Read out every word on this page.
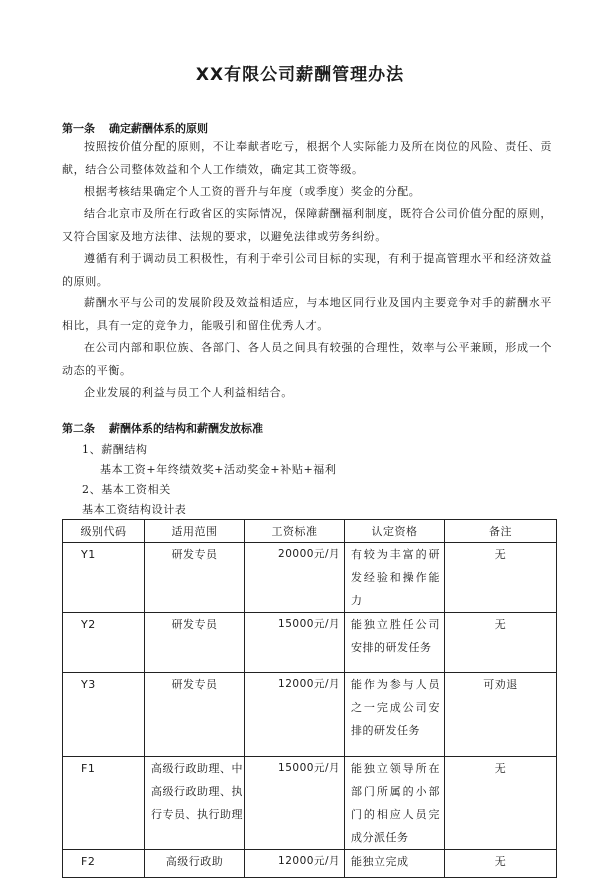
XX有限公司薪酬管理办法
第一条 确定薪酬体系的原则

按照按价值分配的原则，不让奉献者吃亏，根据个人实际能力及所在岗位的风险、责任、贡献，结合公司整体效益和个人工作绩效，确定其工资等级。

根据考核结果确定个人工资的晋升与年度（或季度）奖金的分配。

结合北京市及所在行政省区的实际情况，保障薪酬福利制度，既符合公司价值分配的原则，又符合国家及地方法律、法规的要求，以避免法律或劳务纠纷。

遵循有利于调动员工积极性，有利于牵引公司目标的实现，有利于提高管理水平和经济效益的原则。

薪酬水平与公司的发展阶段及效益相适应，与本地区同行业及国内主要竞争对手的薪酬水平相比，具有一定的竞争力，能吸引和留住优秀人才。

在公司内部和职位族、各部门、各人员之间具有较强的合理性，效率与公平兼顾，形成一个动态的平衡。

企业发展的利益与员工个人利益相结合。

第二条 薪酬体系的结构和薪酬发放标准
1、薪酬结构
基本工资+年终绩效奖+活动奖金+补贴+福利
2、基本工资相关
基本工资结构设计表
级别代码	适用范围	工资标准	认定资格	备注
Y1	研发专员	20000元/月	有较为丰富的研发经验和操作能力	无
Y2	研发专员	15000元/月	能独立胜任公司安排的研发任务	无
Y3	研发专员	12000元/月	能作为参与人员之一完成公司安排的研发任务	可劝退
F1	高级行政助理、中高级行政助理、执行专员、执行助理	15000元/月	能独立领导所在部门所属的小部门的相应人员完成分派任务	无
F2	高级行政助	12000元/月	能独立完成	无
